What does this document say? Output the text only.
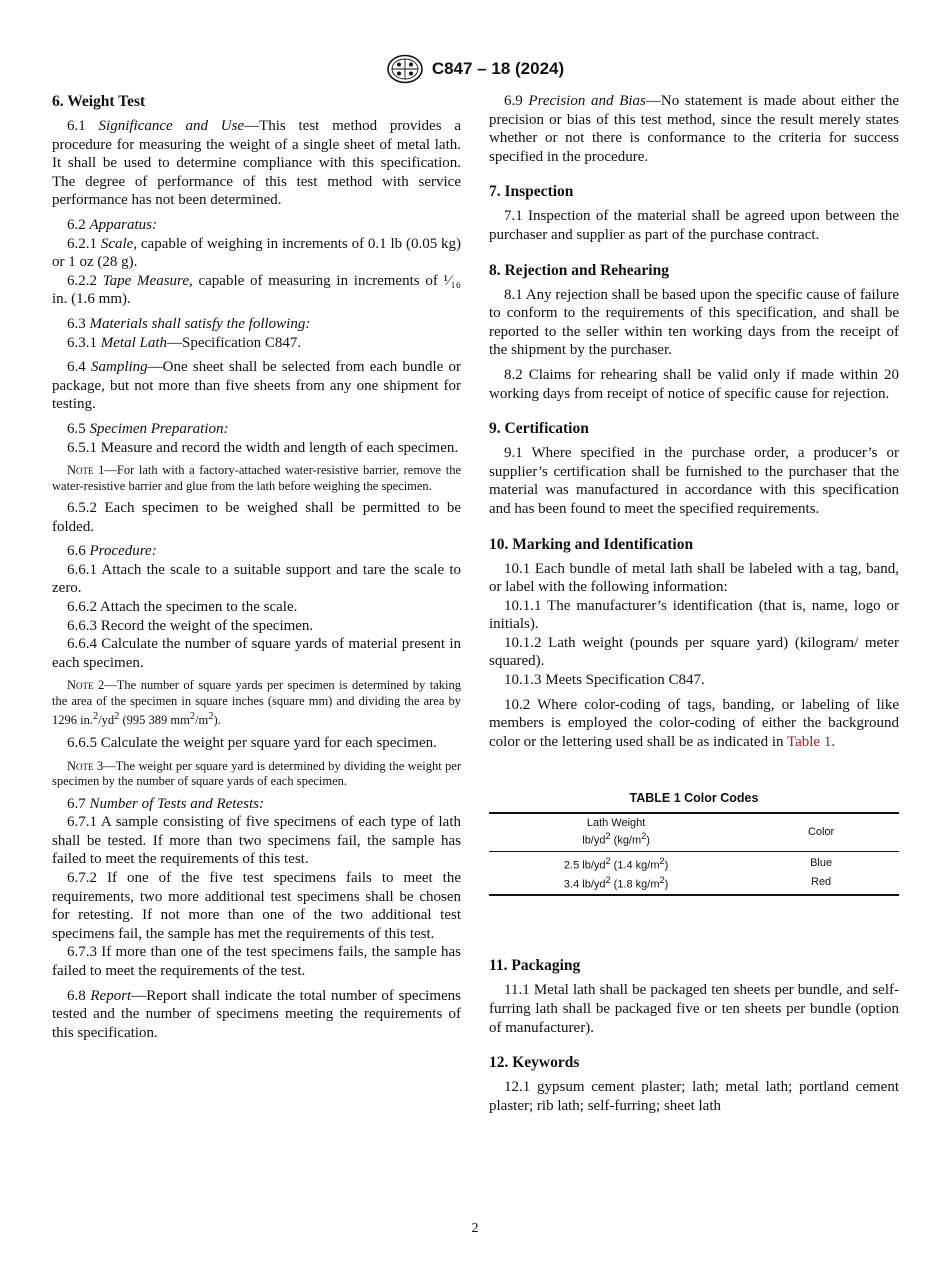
C847 – 18 (2024)
6. Weight Test

6.1 Significance and Use—This test method provides a procedure for measuring the weight of a single sheet of metal lath. It shall be used to determine compliance with this specification. The degree of performance of this test method with service performance has not been determined.

6.2 Apparatus:

6.2.1 Scale, capable of weighing in increments of 0.1 lb (0.05 kg) or 1 oz (28 g).

6.2.2 Tape Measure, capable of measuring in increments of ¹⁄₁₆ in. (1.6 mm).

6.3 Materials shall satisfy the following:

6.3.1 Metal Lath—Specification C847.

6.4 Sampling—One sheet shall be selected from each bundle or package, but not more than five sheets from any one shipment for testing.

6.5 Specimen Preparation:

6.5.1 Measure and record the width and length of each specimen.

Note 1—For lath with a factory-attached water-resistive barrier, remove the water-resistive barrier and glue from the lath before weighing the specimen.

6.5.2 Each specimen to be weighed shall be permitted to be folded.

6.6 Procedure:

6.6.1 Attach the scale to a suitable support and tare the scale to zero.

6.6.2 Attach the specimen to the scale.

6.6.3 Record the weight of the specimen.

6.6.4 Calculate the number of square yards of material present in each specimen.

Note 2—The number of square yards per specimen is determined by taking the area of the specimen in square inches (square mm) and dividing the area by 1296 $in.^2/yd^2$ (995 389 $mm^2/m^2$).

6.6.5 Calculate the weight per square yard for each specimen.

Note 3—The weight per square yard is determined by dividing the weight per specimen by the number of square yards of each specimen.

6.7 Number of Tests and Retests:

6.7.1 A sample consisting of five specimens of each type of lath shall be tested. If more than two specimens fail, the sample has failed to meet the requirements of this test.

6.7.2 If one of the five test specimens fails to meet the requirements, two more additional test specimens shall be chosen for retesting. If not more than one of the two additional test specimens fail, the sample has met the requirements of this test.

6.7.3 If more than one of the test specimens fails, the sample has failed to meet the requirements of the test.

6.8 Report—Report shall indicate the total number of specimens tested and the number of specimens meeting the requirements of this specification.

6.9 Precision and Bias—No statement is made about either the precision or bias of this test method, since the result merely states whether or not there is conformance to the criteria for success specified in the procedure.

7. Inspection

7.1 Inspection of the material shall be agreed upon between the purchaser and supplier as part of the purchase contract.

8. Rejection and Rehearing

8.1 Any rejection shall be based upon the specific cause of failure to conform to the requirements of this specification, and shall be reported to the seller within ten working days from the receipt of the shipment by the purchaser.

8.2 Claims for rehearing shall be valid only if made within 20 working days from receipt of notice of specific cause for rejection.

9. Certification

9.1 Where specified in the purchase order, a producer’s or supplier’s certification shall be furnished to the purchaser that the material was manufactured in accordance with this specification and has been found to meet the specified requirements.

10. Marking and Identification

10.1 Each bundle of metal lath shall be labeled with a tag, band, or label with the following information:

10.1.1 The manufacturer’s identification (that is, name, logo or initials).

10.1.2 Lath weight (pounds per square yard) (kilogram/ meter squared).

10.1.3 Meets Specification C847.

10.2 Where color-coding of tags, banding, or labeling of like members is employed the color-coding of either the background color or the lettering used shall be as indicated in Table 1.

TABLE 1 Color Codes
Lath Weight
$lb/yd^2$ $(kg/m^2)$	Color
2.5 $lb/yd^2$ (1.4 $kg/m^2$)	Blue
3.4 $lb/yd^2$ (1.8 $kg/m^2$)	Red
11. Packaging

11.1 Metal lath shall be packaged ten sheets per bundle, and self-furring lath shall be packaged five or ten sheets per bundle (option of manufacturer).

12. Keywords

12.1 gypsum cement plaster; lath; metal lath; portland cement plaster; rib lath; self-furring; sheet lath

2
